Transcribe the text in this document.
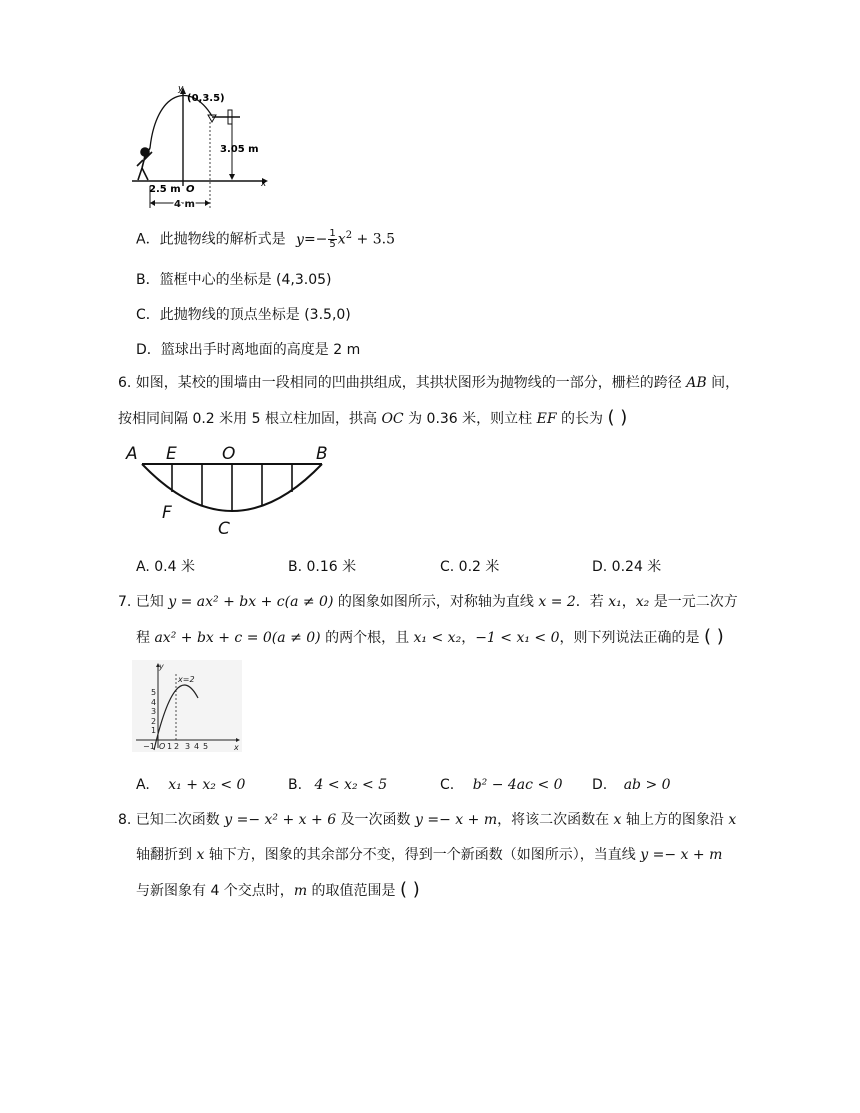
y
x
(0,3.5)
3.05 m
2.5 m O
4 m
A．此抛物线的解析式是 $y=- \frac{1}{5} x^2 + 3.5$
B．篮框中心的坐标是 (4,3.05)
C．此抛物线的顶点坐标是 (3.5,0)
D．篮球出手时离地面的高度是 2 m
6. 如图，某校的围墙由一段相同的凹曲拱组成，其拱状图形为抛物线的一部分，栅栏的跨径 AB 间，
按相同间隔 0.2 米用 5 根立柱加固，拱高 OC 为 0.36 米，则立柱 EF 的长为 ( )
A E	O	B
F
C
A. 0.4 米	B. 0.16 米	C. 0.2 米	D. 0.24 米
7. 已知 y = ax² + bx + c(a ≠ 0) 的图象如图所示，对称轴为直线 x = 2．若 x₁，x₂ 是一元二次方
程 ax² + bx + c = 0(a ≠ 0) 的两个根，且 x₁ < x₂，−1 < x₁ < 0，则下列说法正确的是 ( )
y
x
x=2
5
4
3
2
1
−1 O 1 2 3 4 5
A. x₁ + x₂ < 0	B. 4 < x₂ < 5	C. b² − 4ac < 0 D. ab > 0
8. 已知二次函数 y =− x² + x + 6 及一次函数 y =− x + m，将该二次函数在 x 轴上方的图象沿 x
轴翻折到 x 轴下方，图象的其余部分不变，得到一个新函数（如图所示），当直线 y =− x + m
与新图象有 4 个交点时，m 的取值范围是 ( )
